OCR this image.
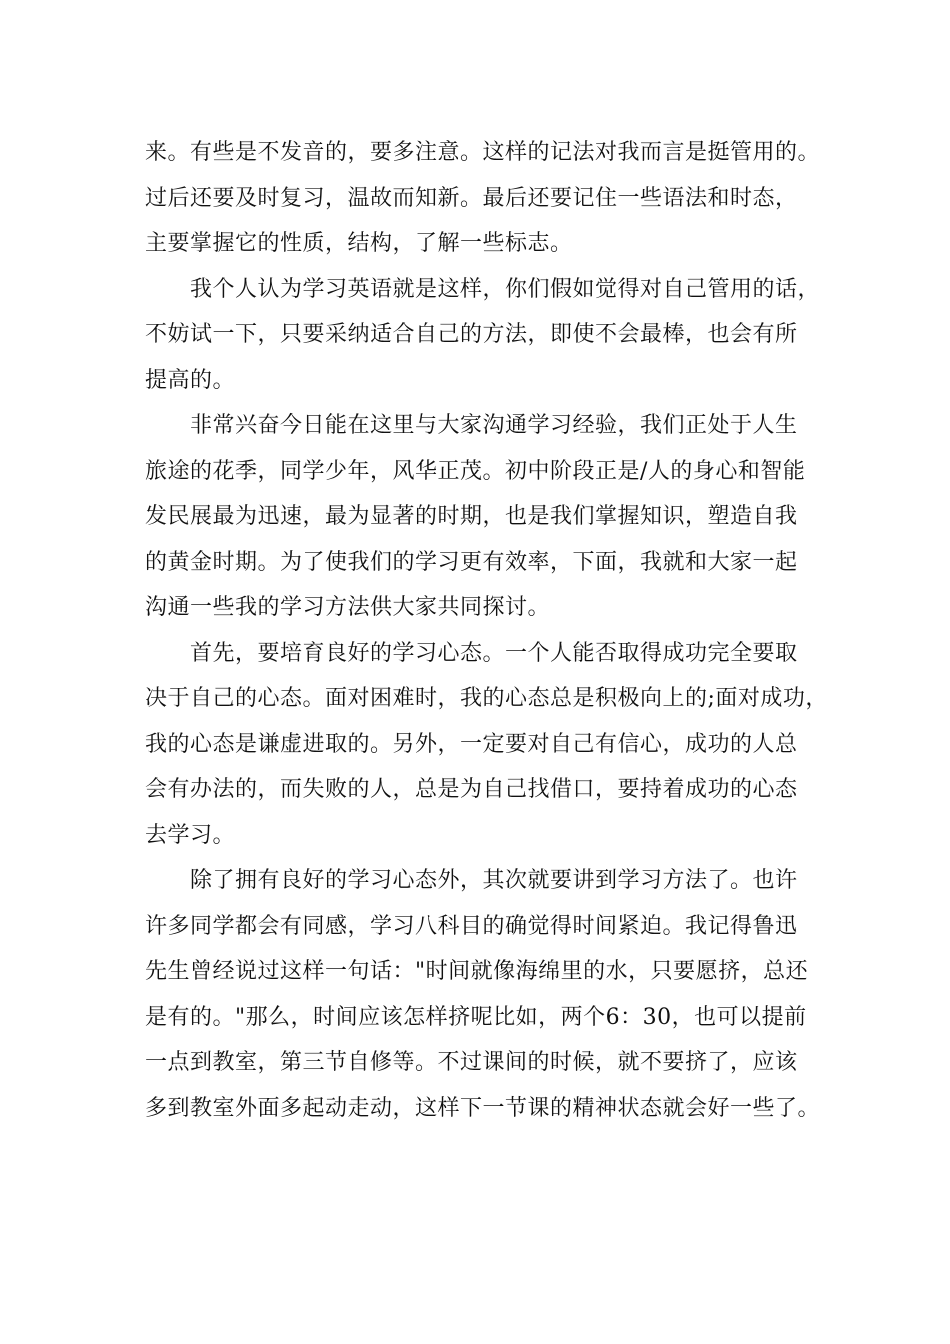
来。有些是不发音的，要多注意。这样的记法对我而言是挺管用的。
过后还要及时复习，温故而知新。最后还要记住一些语法和时态，
主要掌握它的性质，结构，了解一些标志。
我个人认为学习英语就是这样，你们假如觉得对自己管用的话，
不妨试一下，只要采纳适合自己的方法，即使不会最棒，也会有所
提高的。
非常兴奋今日能在这里与大家沟通学习经验，我们正处于人生
旅途的花季，同学少年，风华正茂。初中阶段正是/人的身心和智能
发民展最为迅速，最为显著的时期，也是我们掌握知识，塑造自我
的黄金时期。为了使我们的学习更有效率，下面，我就和大家一起
沟通一些我的学习方法供大家共同探讨。
首先，要培育良好的学习心态。一个人能否取得成功完全要取
决于自己的心态。面对困难时，我的心态总是积极向上的;面对成功，
我的心态是谦虚进取的。另外，一定要对自己有信心，成功的人总
会有办法的，而失败的人，总是为自己找借口，要持着成功的心态
去学习。
除了拥有良好的学习心态外，其次就要讲到学习方法了。也许
许多同学都会有同感，学习八科目的确觉得时间紧迫。我记得鲁迅
先生曾经说过这样一句话："时间就像海绵里的水，只要愿挤，总还
是有的。"那么，时间应该怎样挤呢比如，两个6：30，也可以提前
一点到教室，第三节自修等。不过课间的时候，就不要挤了，应该
多到教室外面多起动走动，这样下一节课的精神状态就会好一些了。
